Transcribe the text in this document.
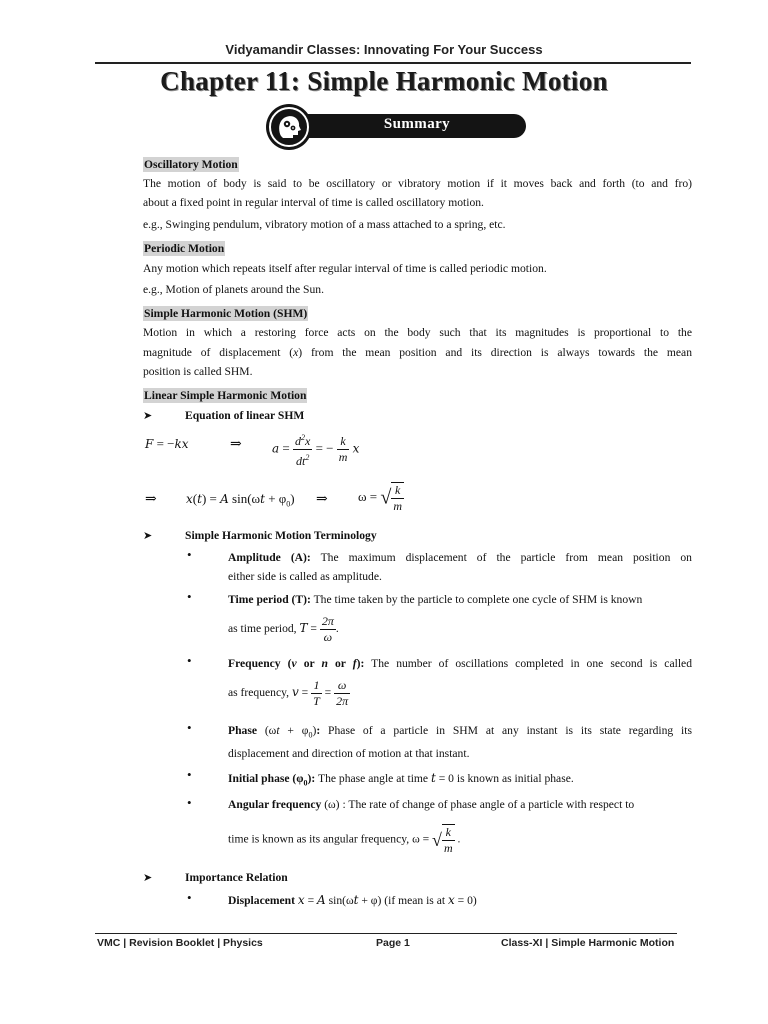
Vidyamandir Classes: Innovating For Your Success
Chapter 11: Simple Harmonic Motion
Summary
Oscillatory Motion
The motion of body is said to be oscillatory or vibratory motion if it moves back and forth (to and fro)
about a fixed point in regular interval of time is called oscillatory motion.
e.g., Swinging pendulum, vibratory motion of a mass attached to a spring, etc.
Periodic Motion
Any motion which repeats itself after regular interval of time is called periodic motion.
e.g., Motion of planets around the Sun.
Simple Harmonic Motion (SHM)
Motion in which a restoring force acts on the body such that its magnitudes is proportional to the
magnitude of displacement (x) from the mean position and its direction is always towards the mean
position is called SHM.
Linear Simple Harmonic Motion
➤	Equation of linear SHM
F = −kx	⇒	$a = \frac{d^2x}{dt^2}$ = − $\frac{k}{m}$ x
⇒ x(t) = A $\sin(\omega t + \varphi_0)$ ⇒ ω = √ $\frac{k}{m}$
➤	Simple Harmonic Motion Terminology
•	Amplitude (A): The maximum displacement of the particle from mean position on
either side is called as amplitude.
•	Time period (T): The time taken by the particle to complete one cycle of SHM is known
as time period, $T = \frac{2\pi}{\omega}$ .
•	Frequency (v or n or f): The number of oscillations completed in one second is called
as frequency, $v = \frac{1}{T} = \frac{\omega}{2\pi}$
•	Phase $(\omega t + \varphi_0)$: Phase of a particle in SHM at any instant is its state regarding its
displacement and direction of motion at that instant.
•	Initial phase $(\varphi_0)$: The phase angle at time t = 0 is known as initial phase.
•	Angular frequency (ω) : The rate of change of phase angle of a particle with respect to
time is known as its angular frequency, ω = √ $\frac{k}{m}$ .
➤	Importance Relation
•	Displacement x = A sin(ωt + φ) (if mean is at x = 0)
VMC | Revision Booklet | Physics	Page 1	Class-XI | Simple Harmonic Motion
